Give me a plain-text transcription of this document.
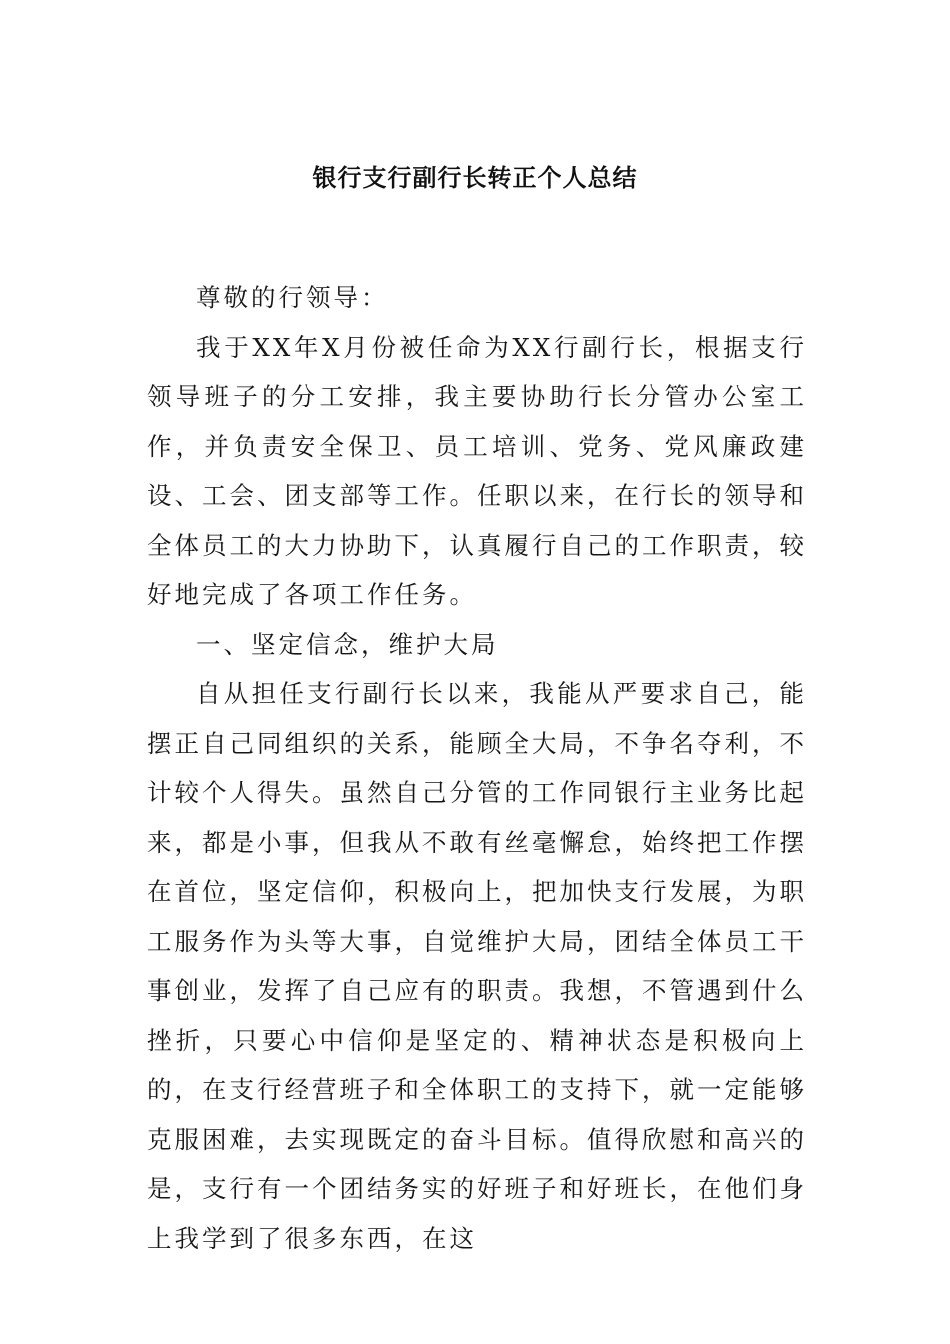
银行支行副行长转正个人总结

尊敬的行领导：

我于XX年X月份被任命为XX行副行长，根据支行领导班子的分工安排，我主要协助行长分管办公室工作，并负责安全保卫、员工培训、党务、党风廉政建设、工会、团支部等工作。任职以来，在行长的领导和全体员工的大力协助下，认真履行自己的工作职责，较好地完成了各项工作任务。

一、坚定信念，维护大局

自从担任支行副行长以来，我能从严要求自己，能摆正自己同组织的关系，能顾全大局，不争名夺利，不计较个人得失。虽然自己分管的工作同银行主业务比起来，都是小事，但我从不敢有丝毫懈怠，始终把工作摆在首位，坚定信仰，积极向上，把加快支行发展，为职工服务作为头等大事，自觉维护大局，团结全体员工干事创业，发挥了自己应有的职责。我想，不管遇到什么挫折，只要心中信仰是坚定的、精神状态是积极向上的，在支行经营班子和全体职工的支持下，就一定能够克服困难，去实现既定的奋斗目标。值得欣慰和高兴的是，支行有一个团结务实的好班子和好班长，在他们身上我学到了很多东西，在这
